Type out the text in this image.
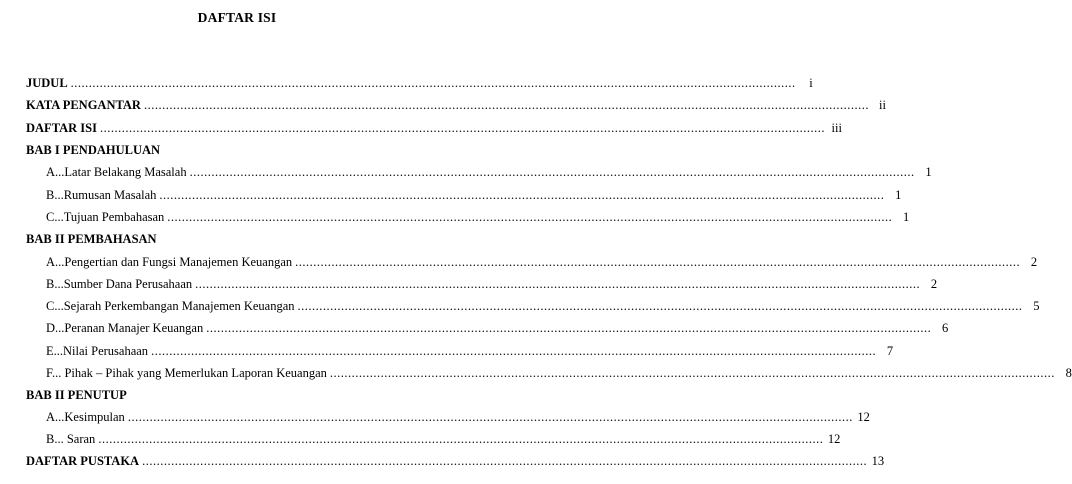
DAFTAR ISI
JUDUL ........................................................................................................................................................................................................	i
KATA PENGANTAR ........................................................................................................................................................................................................ ii
DAFTAR ISI ........................................................................................................................................................................................................ iii
BAB I PENDAHULUAN
A...Latar Belakang Masalah ........................................................................................................................................................................................................ 1
B...Rumusan Masalah ........................................................................................................................................................................................................ 1
C...Tujuan Pembahasan ........................................................................................................................................................................................................ 1
BAB II PEMBAHASAN
A...Pengertian dan Fungsi Manajemen Keuangan ........................................................................................................................................................................................................ 2
B...Sumber Dana Perusahaan ........................................................................................................................................................................................................ 2
C...Sejarah Perkembangan Manajemen Keuangan ........................................................................................................................................................................................................ 5
D...Peranan Manajer Keuangan ........................................................................................................................................................................................................ 6
E...Nilai Perusahaan ........................................................................................................................................................................................................ 7
F... Pihak – Pihak yang Memerlukan Laporan Keuangan ........................................................................................................................................................................................................ 8
BAB II PENUTUP
A...Kesimpulan ........................................................................................................................................................................................................ 12
B... Saran ........................................................................................................................................................................................................ 12
DAFTAR PUSTAKA ........................................................................................................................................................................................................ 13
